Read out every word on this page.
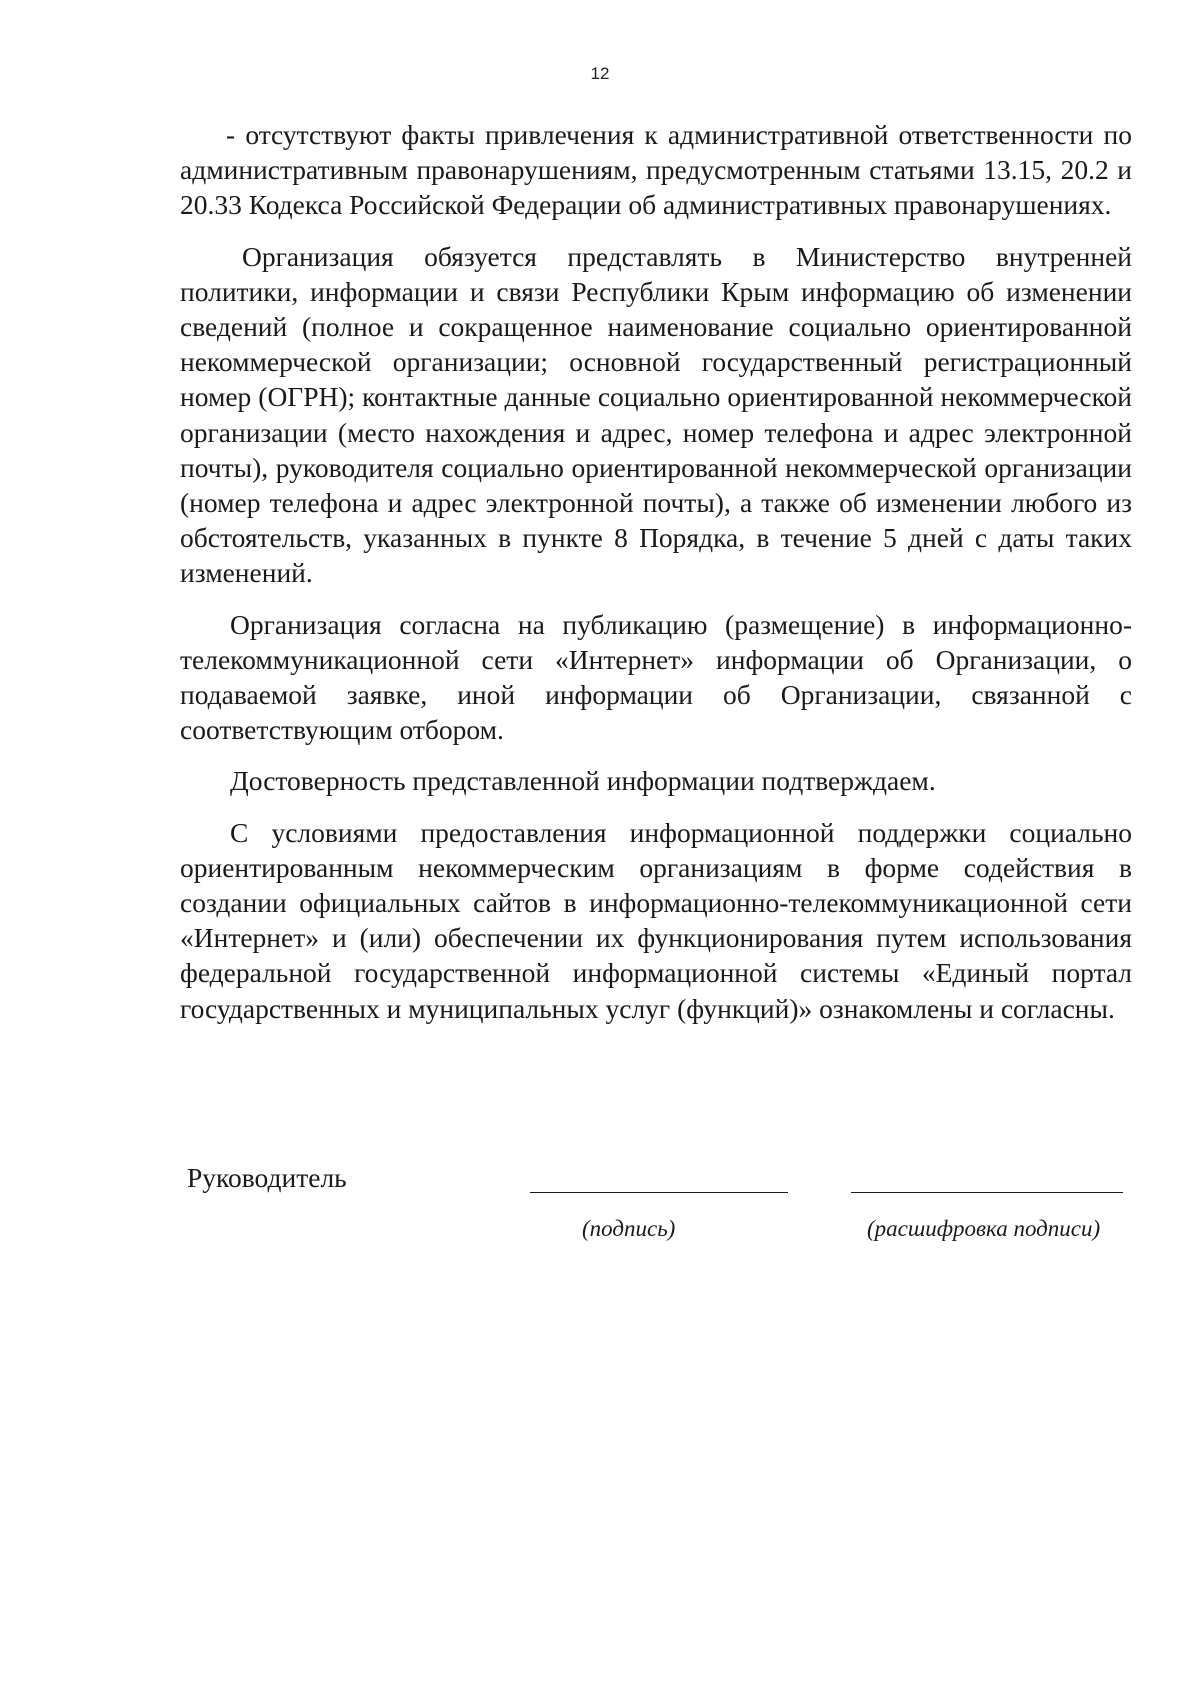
12

- отсутствуют факты привлечения к административной ответственности по административным правонарушениям, предусмотренным статьями 13.15, 20.2 и 20.33 Кодекса Российской Федерации об административных правонарушениях.

Организация обязуется представлять в Министерство внутренней политики, информации и связи Республики Крым информацию об изменении сведений (полное и сокращенное наименование социально ориентированной некоммерческой организации; основной государственный регистрационный номер (ОГРН); контактные данные социально ориентированной некоммерческой организации (место нахождения и адрес, номер телефона и адрес электронной почты), руководителя социально ориентированной некоммерческой организации (номер телефона и адрес электронной почты), а также об изменении любого из обстоятельств, указанных в пункте 8 Порядка, в течение 5 дней с даты таких изменений.

Организация согласна на публикацию (размещение) в информационно-телекоммуникационной сети «Интернет» информации об Организации, о подаваемой заявке, иной информации об Организации, связанной с соответствующим отбором.

Достоверность представленной информации подтверждаем.

С условиями предоставления информационной поддержки социально ориентированным некоммерческим организациям в форме содействия в создании официальных сайтов в информационно-телекоммуникационной сети «Интернет» и (или) обеспечении их функционирования путем использования федеральной государственной информационной системы «Единый портал государственных и муниципальных услуг (функций)» ознакомлены и согласны.

Руководитель
(подпись)	(расшифровка подписи)
